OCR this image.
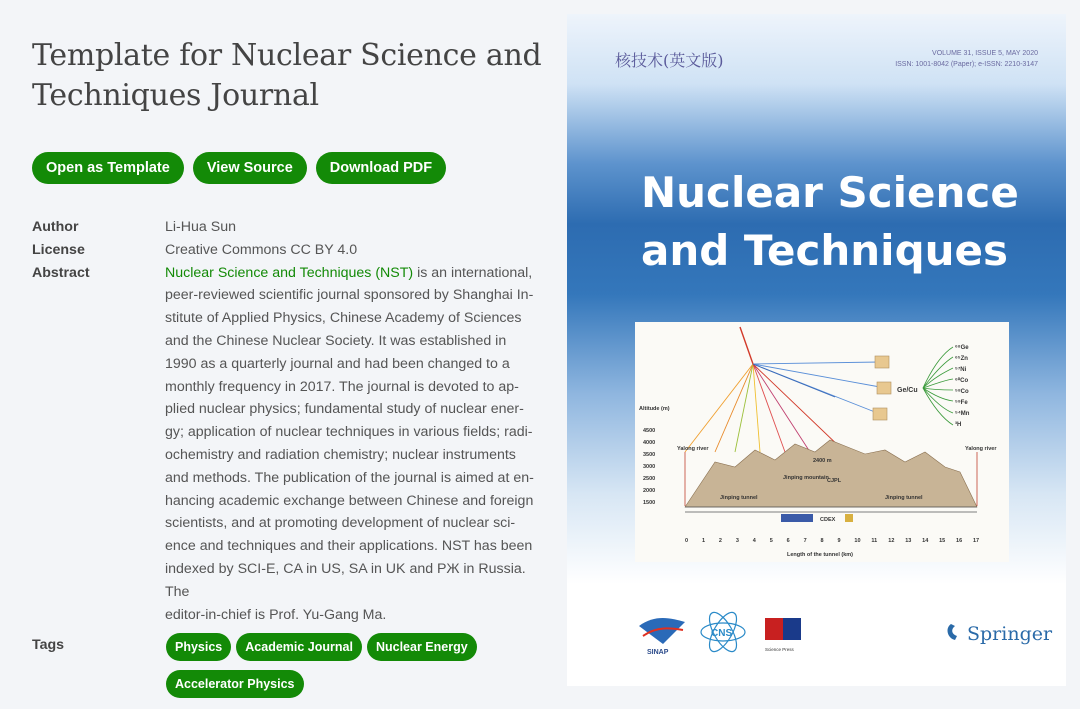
Template for Nuclear Science and Techniques Journal
Open as Template	View Source	Download PDF
Author	Li-Hua Sun
License	Creative Commons CC BY 4.0
Abstract	Nuclear Science and Techniques (NST) is an international,
peer-reviewed scientific journal sponsored by Shanghai In-
stitute of Applied Physics, Chinese Academy of Sciences
and the Chinese Nuclear Society. It was established in
1990 as a quarterly journal and had been changed to a
monthly frequency in 2017. The journal is devoted to ap-
plied nuclear physics; fundamental study of nuclear ener-
gy; application of nuclear techniques in various fields; radi-
ochemistry and radiation chemistry; nuclear instruments
and methods. The publication of the journal is aimed at en-
hancing academic exchange between Chinese and foreign
scientists, and at promoting development of nuclear sci-
ence and techniques and their applications. NST has been
indexed by SCI-E, CA in US, SA in UK and РЖ in Russia. The
editor-in-chief is Prof. Yu-Gang Ma.
Tags	Physics	Academic Journal	Nuclear Energy
Accelerator Physics
核技术(英文版)	VOLUME 31, ISSUE 5, MAY 2020
ISSN: 1001-8042 (Paper); e-ISSN: 2210-3147
Nuclear Science
and Techniques
Ge/Cu
⁶⁸Ge
⁶⁵Zn
⁵⁷Ni
⁶⁰Co
⁵⁸Co
⁵⁹Fe
⁵⁴Mn
³H
Altitude (m)
4500
4000
3500
3000
2500
2000
1500
Yalong river	Yalong river
Jinping mountain
Jinping tunnel	Jinping tunnel
2400 m
CJPL
CDEX
0	1	2	3	4	5	6	7	8	9	10 11 12 13 14 15 16 17
Length of the tunnel (km)
SINAP
CNS
Science Press
Springer
